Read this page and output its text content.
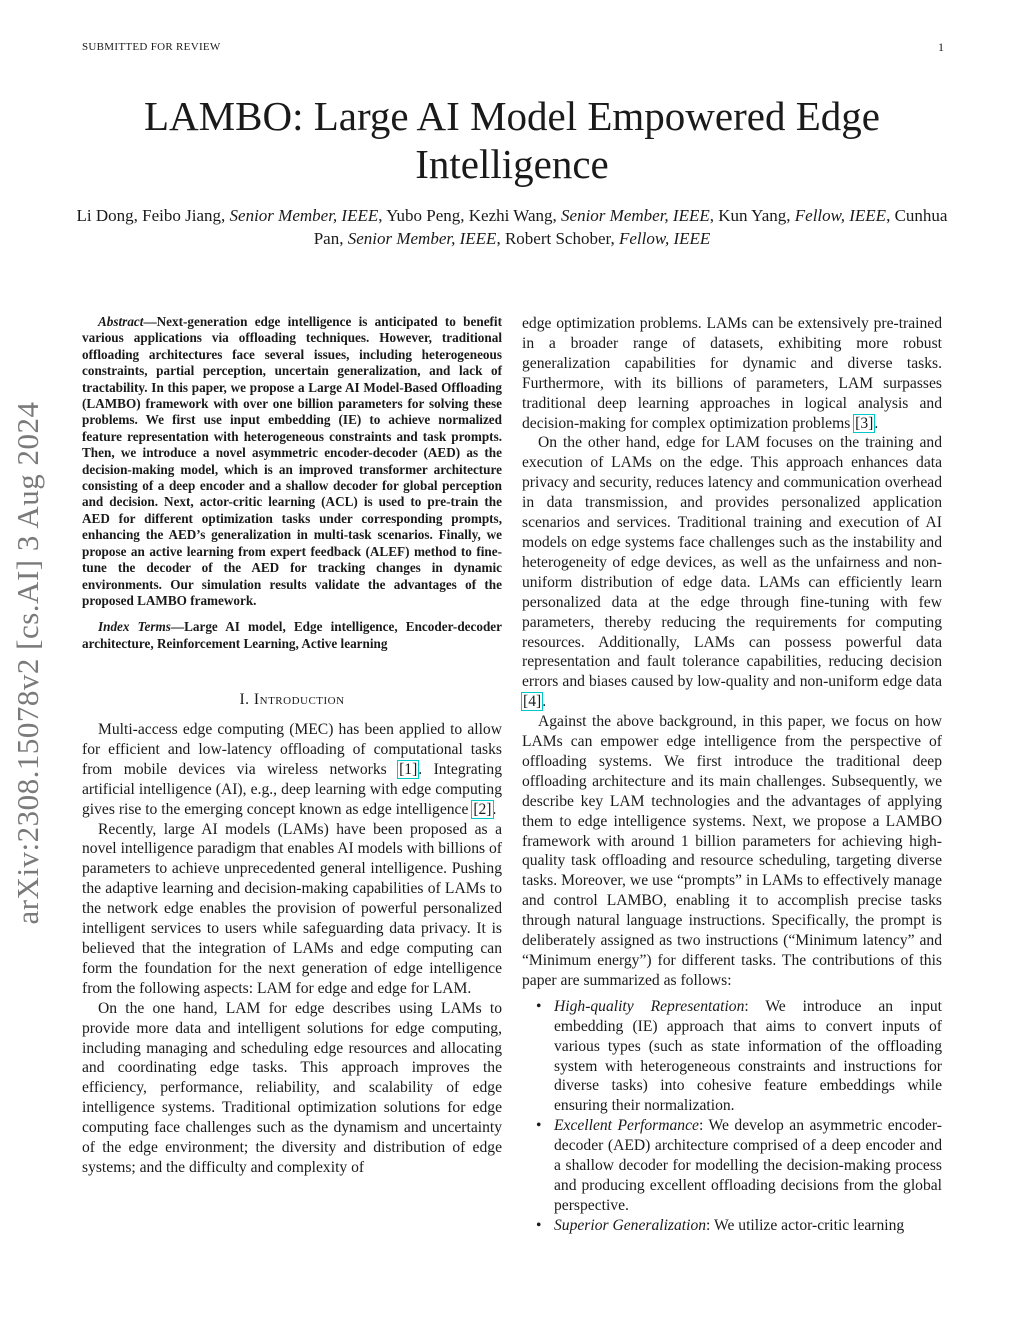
SUBMITTED FOR REVIEW	1
arXiv:2308.15078v2 [cs.AI] 3 Aug 2024
LAMBO: Large AI Model Empowered Edge Intelligence
Li Dong, Feibo Jiang, Senior Member, IEEE, Yubo Peng, Kezhi Wang, Senior Member, IEEE, Kun Yang, Fellow, IEEE, Cunhua Pan, Senior Member, IEEE, Robert Schober, Fellow, IEEE

Abstract—Next-generation edge intelligence is anticipated to benefit various applications via offloading techniques. However, traditional offloading architectures face several issues, including heterogeneous constraints, partial perception, uncertain generalization, and lack of tractability. In this paper, we propose a Large AI Model-Based Offloading (LAMBO) framework with over one billion parameters for solving these problems. We first use input embedding (IE) to achieve normalized feature representation with heterogeneous constraints and task prompts. Then, we introduce a novel asymmetric encoder-decoder (AED) as the decision-making model, which is an improved transformer architecture consisting of a deep encoder and a shallow decoder for global perception and decision. Next, actor-critic learning (ACL) is used to pre-train the AED for different optimization tasks under corresponding prompts, enhancing the AED’s generalization in multi-task scenarios. Finally, we propose an active learning from expert feedback (ALEF) method to fine-tune the decoder of the AED for tracking changes in dynamic environments. Our simulation results validate the advantages of the proposed LAMBO framework.

Index Terms—Large AI model, Edge intelligence, Encoder-decoder architecture, Reinforcement Learning, Active learning

I. Introduction

Multi-access edge computing (MEC) has been applied to allow for efficient and low-latency offloading of computational tasks from mobile devices via wireless networks [1]. Integrating artificial intelligence (AI), e.g., deep learning with edge computing gives rise to the emerging concept known as edge intelligence [2].

Recently, large AI models (LAMs) have been proposed as a novel intelligence paradigm that enables AI models with billions of parameters to achieve unprecedented general intelligence. Pushing the adaptive learning and decision-making capabilities of LAMs to the network edge enables the provision of powerful personalized intelligent services to users while safeguarding data privacy. It is believed that the integration of LAMs and edge computing can form the foundation for the next generation of edge intelligence from the following aspects: LAM for edge and edge for LAM.

On the one hand, LAM for edge describes using LAMs to provide more data and intelligent solutions for edge computing, including managing and scheduling edge resources and allocating and coordinating edge tasks. This approach improves the efficiency, performance, reliability, and scalability of edge intelligence systems. Traditional optimization solutions for edge computing face challenges such as the dynamism and uncertainty of the edge environment; the diversity and distribution of edge systems; and the difficulty and complexity of

edge optimization problems. LAMs can be extensively pre-trained in a broader range of datasets, exhibiting more robust generalization capabilities for dynamic and diverse tasks. Furthermore, with its billions of parameters, LAM surpasses traditional deep learning approaches in logical analysis and decision-making for complex optimization problems [3].

On the other hand, edge for LAM focuses on the training and execution of LAMs on the edge. This approach enhances data privacy and security, reduces latency and communication overhead in data transmission, and provides personalized application scenarios and services. Traditional training and execution of AI models on edge systems face challenges such as the instability and heterogeneity of edge devices, as well as the unfairness and non-uniform distribution of edge data. LAMs can efficiently learn personalized data at the edge through fine-tuning with few parameters, thereby reducing the requirements for computing resources. Additionally, LAMs can possess powerful data representation and fault tolerance capabilities, reducing decision errors and biases caused by low-quality and non-uniform edge data [4].

Against the above background, in this paper, we focus on how LAMs can empower edge intelligence from the perspective of offloading systems. We first introduce the traditional deep offloading architecture and its main challenges. Subsequently, we describe key LAM technologies and the advantages of applying them to edge intelligence systems. Next, we propose a LAMBO framework with around 1 billion parameters for achieving high-quality task offloading and resource scheduling, targeting diverse tasks. Moreover, we use “prompts” in LAMs to effectively manage and control LAMBO, enabling it to accomplish precise tasks through natural language instructions. Specifically, the prompt is deliberately assigned as two instructions (“Minimum latency” and “Minimum energy”) for different tasks. The contributions of this paper are summarized as follows:

• High-quality Representation: We introduce an input embedding (IE) approach that aims to convert inputs of various types (such as state information of the offloading system with heterogeneous constraints and instructions for diverse tasks) into cohesive feature embeddings while ensuring their normalization.
• Excellent Performance: We develop an asymmetric encoder-decoder (AED) architecture comprised of a deep encoder and a shallow decoder for modelling the decision-making process and producing excellent offloading decisions from the global perspective.
• Superior Generalization: We utilize actor-critic learning
